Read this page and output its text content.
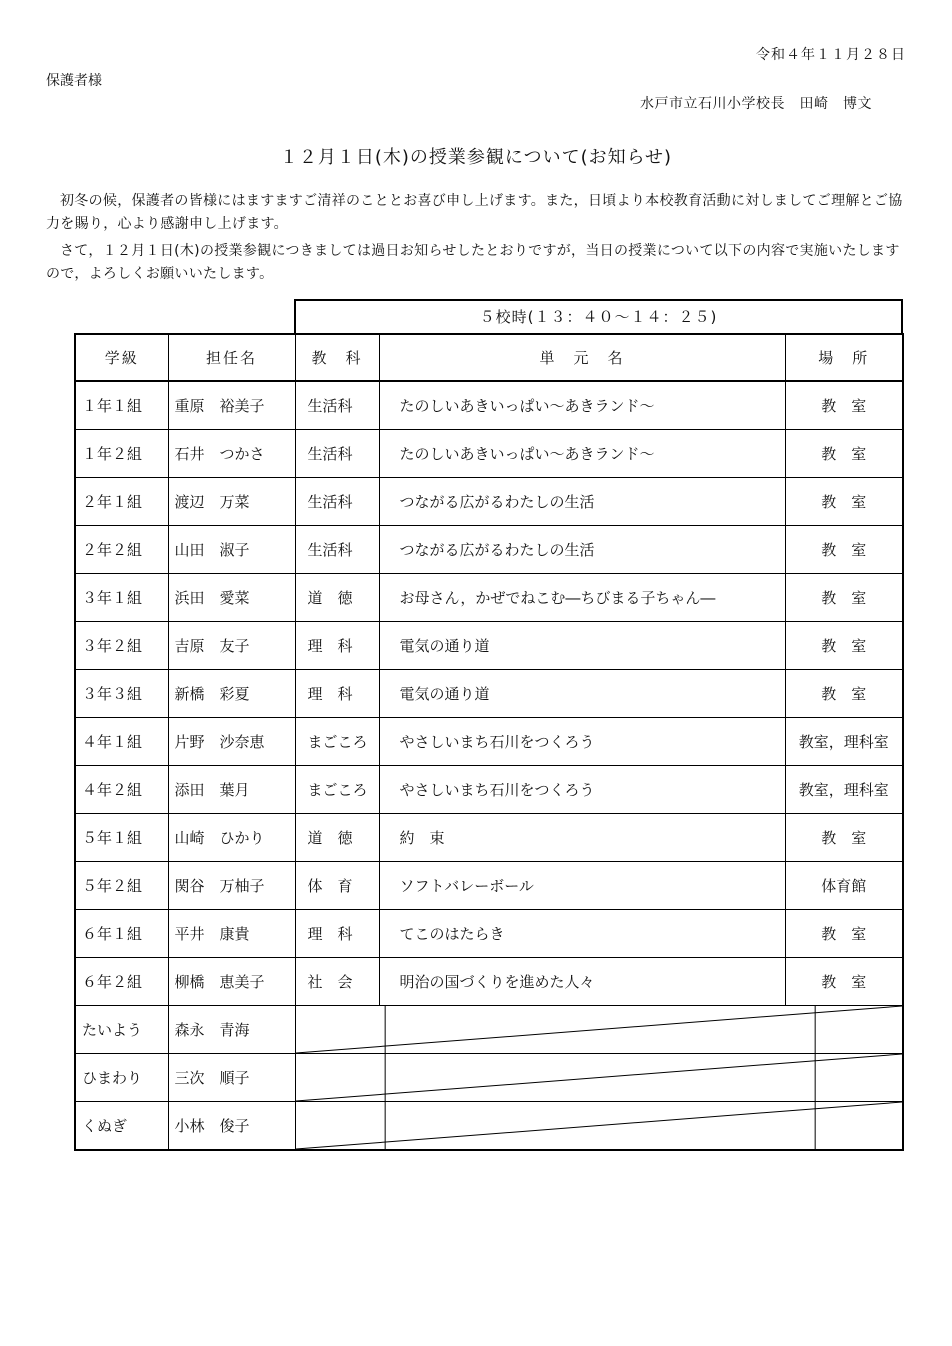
令和４年１１月２８日
保護者様
水戸市立石川小学校長　田崎　博文
１２月１日(木)の授業参観について(お知らせ)
初冬の候，保護者の皆様にはますますご清祥のこととお喜び申し上げます。また，日頃より本校教育活動に対しましてご理解とご協力を賜り，心より感謝申し上げます。
さて，１２月１日(木)の授業参観につきましては過日お知らせしたとおりですが，当日の授業について以下の内容で実施いたしますので，よろしくお願いいたします。
５校時(１３：４０～１４：２５)
学級	担任名	教　科	単　元　名	場　所
１年１組	重原　裕美子	生活科	たのしいあきいっぱい～あきランド～	教　室
１年２組	石井　つかさ	生活科	たのしいあきいっぱい～あきランド～	教　室
２年１組	渡辺　万菜	生活科	つながる広がるわたしの生活	教　室
２年２組	山田　淑子	生活科	つながる広がるわたしの生活	教　室
３年１組	浜田　愛菜	道　徳	お母さん，かぜでねこむ―ちびまる子ちゃん―	教　室
３年２組	吉原　友子	理　科	電気の通り道	教　室
３年３組	新橋　彩夏	理　科	電気の通り道	教　室
４年１組	片野　沙奈恵	まごころ	やさしいまち石川をつくろう	教室，理科室
４年２組	添田　葉月	まごころ	やさしいまち石川をつくろう	教室，理科室
５年１組	山崎　ひかり	道　徳	約　束	教　室
５年２組	関谷　万柚子	体　育	ソフトバレーボール	体育館
６年１組	平井　康貴	理　科	てこのはたらき	教　室
６年２組	柳橋　恵美子	社　会	明治の国づくりを進めた人々	教　室
たいよう	森永　青海	

ひまわり	三次　順子	

くぬぎ	小林　俊子	
